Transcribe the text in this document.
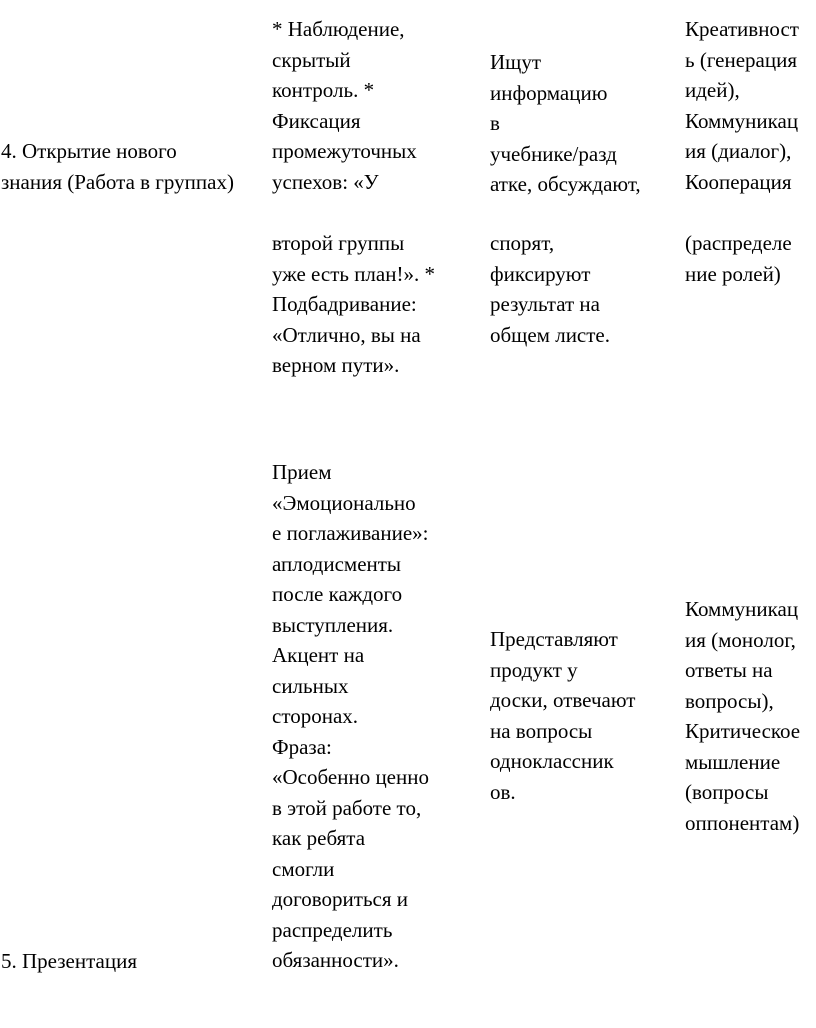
4. Открытие нового
знания (Работа в группах)
* Наблюдение,
скрытый
контроль. *
Фиксация
промежуточных
успехов: «У
второй группы
уже есть план!». *
Подбадривание:
«Отлично, вы на
верном пути».
Ищут
информацию
в
учебнике/разд
атке, обсуждают,
спорят,
фиксируют
результат на
общем листе.
Креативност
ь (генерация
идей),
Коммуникац
ия (диалог),
Кооперация
(распределе
ние ролей)
5. Презентация
Прием
«Эмоционально
е поглаживание»:
аплодисменты
после каждого
выступления.
Акцент на
сильных
сторонах.
Фраза:
«Особенно ценно
в этой работе то,
как ребята
смогли
договориться и
распределить
обязанности».
Представляют
продукт у
доски, отвечают
на вопросы
одноклассник
ов.
Коммуникац
ия (монолог,
ответы на
вопросы),
Критическое
мышление
(вопросы
оппонентам)
